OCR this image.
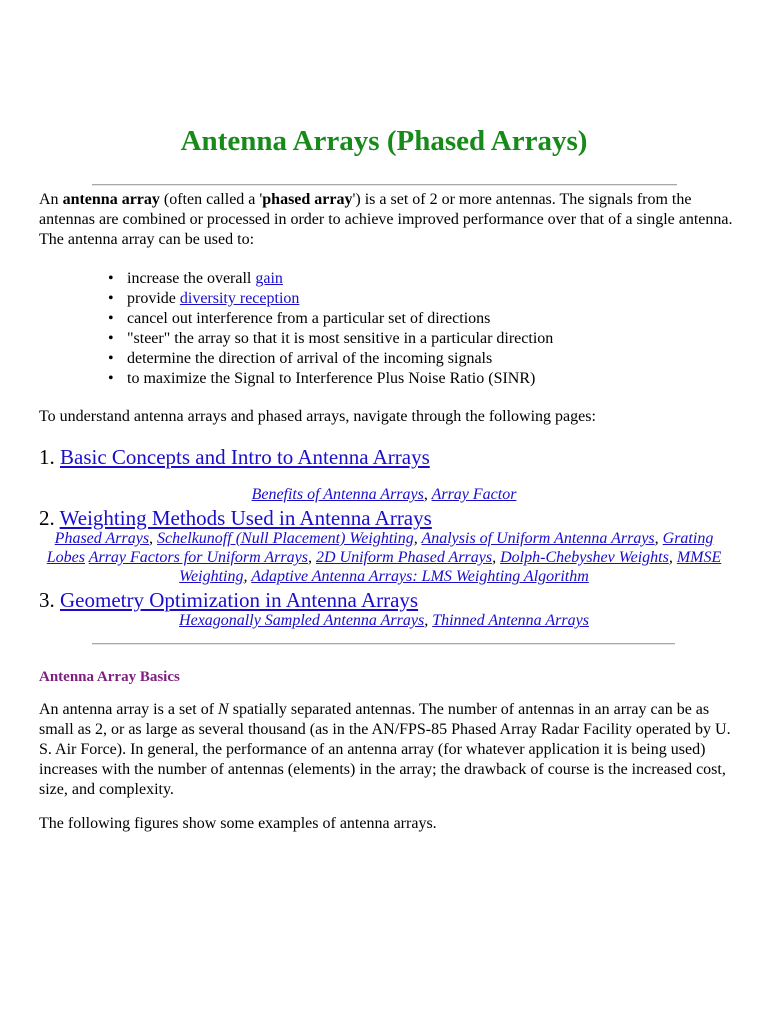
Antenna Arrays (Phased Arrays)

An antenna array (often called a 'phased array') is a set of 2 or more antennas. The signals from the antennas are combined or processed in order to achieve improved performance over that of a single antenna. The antenna array can be used to:

• increase the overall gain
• provide diversity reception
• cancel out interference from a particular set of directions
• "steer" the array so that it is most sensitive in a particular direction
• determine the direction of arrival of the incoming signals
• to maximize the Signal to Interference Plus Noise Ratio (SINR)

To understand antenna arrays and phased arrays, navigate through the following pages:

1. Basic Concepts and Intro to Antenna Arrays

Benefits of Antenna Arrays, Array Factor

2. Weighting Methods Used in Antenna Arrays

Phased Arrays, Schelkunoff (Null Placement) Weighting, Analysis of Uniform Antenna Arrays, Grating Lobes Array Factors for Uniform Arrays, 2D Uniform Phased Arrays, Dolph-Chebyshev Weights, MMSE Weighting, Adaptive Antenna Arrays: LMS Weighting Algorithm

3. Geometry Optimization in Antenna Arrays

Hexagonally Sampled Antenna Arrays, Thinned Antenna Arrays

Antenna Array Basics

An antenna array is a set of N spatially separated antennas. The number of antennas in an array can be as small as 2, or as large as several thousand (as in the AN/FPS-85 Phased Array Radar Facility operated by U. S. Air Force). In general, the performance of an antenna array (for whatever application it is being used) increases with the number of antennas (elements) in the array; the drawback of course is the increased cost, size, and complexity.

The following figures show some examples of antenna arrays.
